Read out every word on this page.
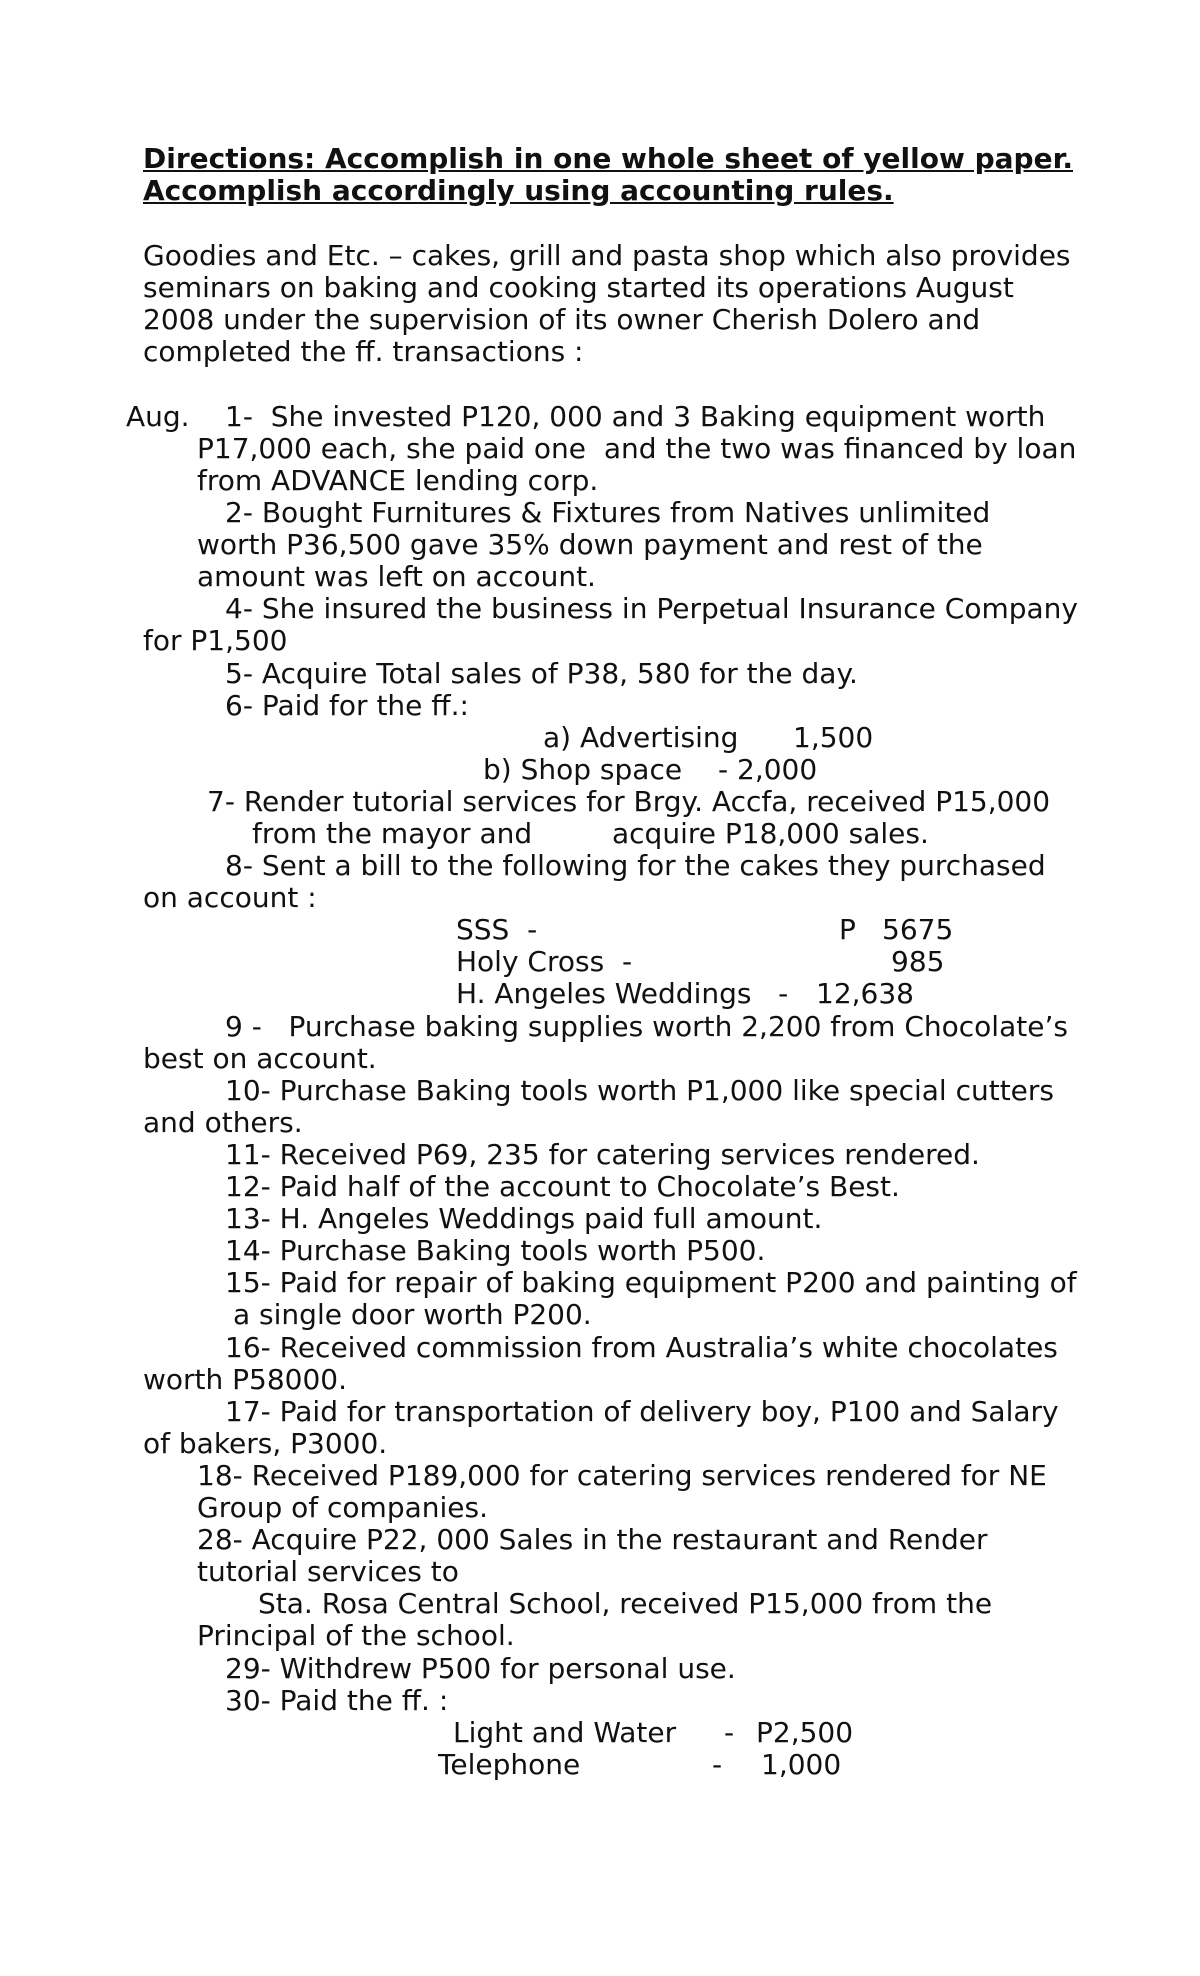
Directions: Accomplish in one whole sheet of yellow paper.
Accomplish accordingly using accounting rules.
Goodies and Etc. – cakes, grill and pasta shop which also provides
seminars on baking and cooking started its operations August
2008 under the supervision of its owner Cherish Dolero and
completed the ff. transactions :
Aug. 1-  She invested P120, 000 and 3 Baking equipment worth
P17,000 each, she paid one  and the two was financed by loan
from ADVANCE lending corp.
2- Bought Furnitures & Fixtures from Natives unlimited
worth P36,500 gave 35% down payment and rest of the
amount was left on account.
4- She insured the business in Perpetual Insurance Company
for P1,500
5- Acquire Total sales of P38, 580 for the day.
6- Paid for the ff.:
a) Advertising 1,500
b) Shop space - 2,000
7- Render tutorial services for Brgy. Accfa, received P15,000
from the mayor and	acquire P18,000 sales.
8- Sent a bill to the following for the cakes they purchased
on account :
SSS  -	P 5675
Holy Cross  -	985
H. Angeles Weddings   - 12,638
9 -   Purchase baking supplies worth 2,200 from Chocolate’s
best on account.
10- Purchase Baking tools worth P1,000 like special cutters
and others.
11- Received P69, 235 for catering services rendered.
12- Paid half of the account to Chocolate’s Best.
13- H. Angeles Weddings paid full amount.
14- Purchase Baking tools worth P500.
15- Paid for repair of baking equipment P200 and painting of
a single door worth P200.
16- Received commission from Australia’s white chocolates
worth P58000.
17- Paid for transportation of delivery boy, P100 and Salary
of bakers, P3000.
18- Received P189,000 for catering services rendered for NE
Group of companies.
28- Acquire P22, 000 Sales in the restaurant and Render
tutorial services to
Sta. Rosa Central School, received P15,000 from the
Principal of the school.
29- Withdrew P500 for personal use.
30- Paid the ff. :
Light and Water - P2,500
Telephone	- 1,000
